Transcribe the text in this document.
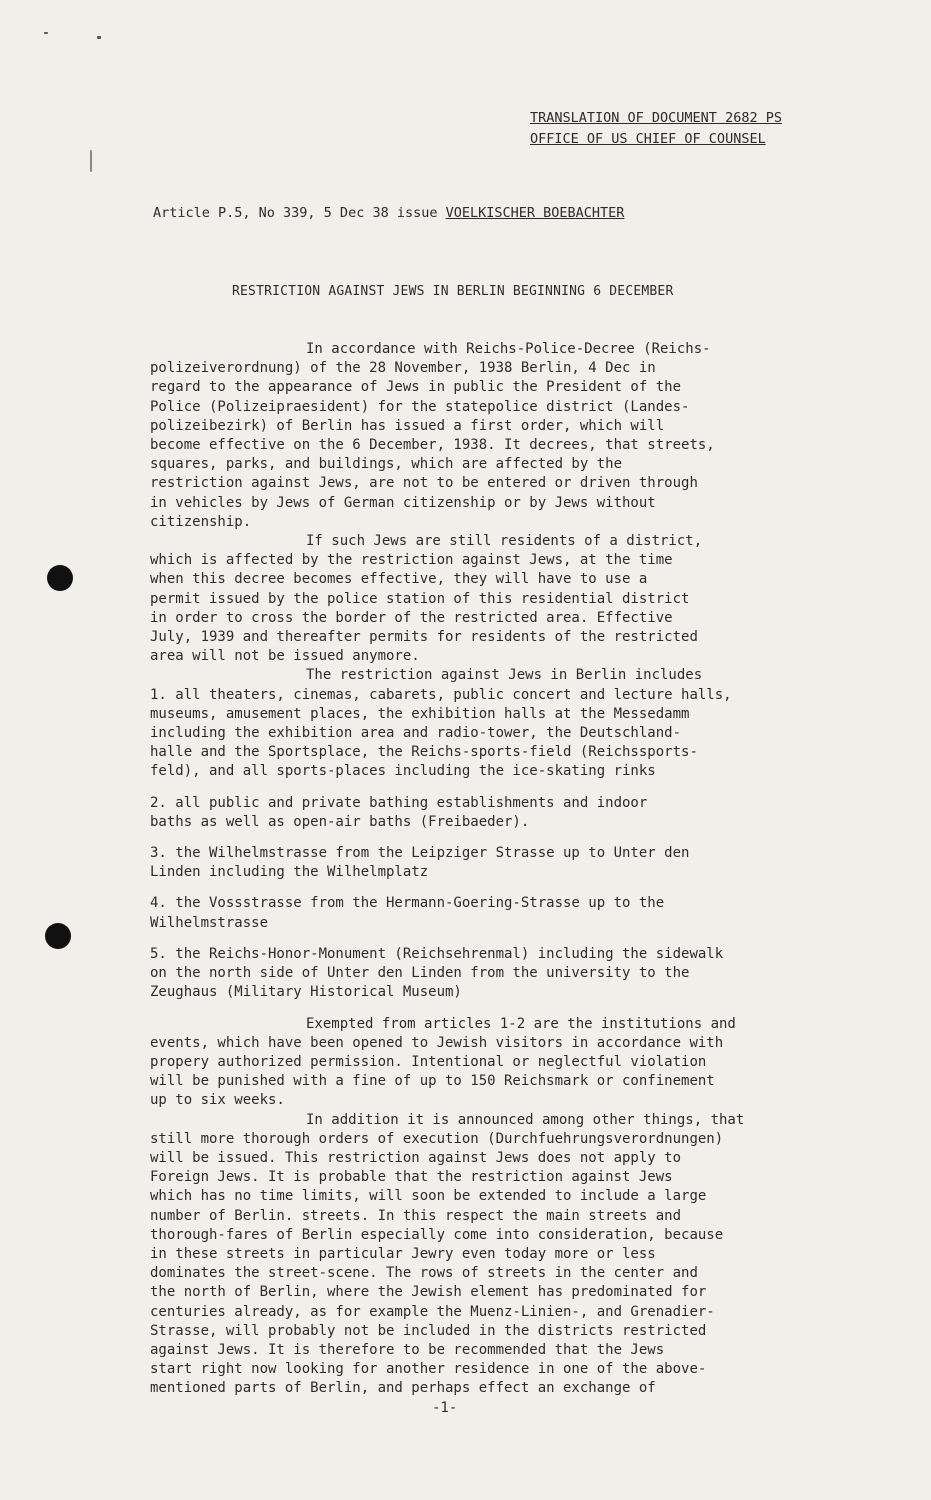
TRANSLATION OF DOCUMENT 2682 PS
OFFICE OF US CHIEF OF COUNSEL
Article P.5, No 339, 5 Dec 38 issue VOELKISCHER BOEBACHTER
RESTRICTION AGAINST JEWS IN BERLIN BEGINNING 6 DECEMBER

In accordance with Reichs-Police-Decree (Reichs-
polizeiverordnung) of the 28 November, 1938 Berlin, 4 Dec in
regard to the appearance of Jews in public the President of the
Police (Polizeipraesident) for the statepolice district (Landes-
polizeibezirk) of Berlin has issued a first order, which will
become effective on the 6 December, 1938. It decrees, that streets,
squares, parks, and buildings, which are affected by the
restriction against Jews, are not to be entered or driven through
in vehicles by Jews of German citizenship or by Jews without
citizenship.

If such Jews are still residents of a district,
which is affected by the restriction against Jews, at the time
when this decree becomes effective, they will have to use a
permit issued by the police station of this residential district
in order to cross the border of the restricted area. Effective
July, 1939 and thereafter permits for residents of the restricted
area will not be issued anymore.

The restriction against Jews in Berlin includes

1. all theaters, cinemas, cabarets, public concert and lecture halls,
museums, amusement places, the exhibition halls at the Messedamm
including the exhibition area and radio-tower, the Deutschland-
halle and the Sportsplace, the Reichs-sports-field (Reichssports-
feld), and all sports-places including the ice-skating rinks
2. all public and private bathing establishments and indoor
baths as well as open-air baths (Freibaeder).
3. the Wilhelmstrasse from the Leipziger Strasse up to Unter den
Linden including the Wilhelmplatz
4. the Vossstrasse from the Hermann-Goering-Strasse up to the
Wilhelmstrasse
5. the Reichs-Honor-Monument (Reichsehrenmal) including the sidewalk
on the north side of Unter den Linden from the university to the
Zeughaus (Military Historical Museum)

Exempted from articles 1-2 are the institutions and
events, which have been opened to Jewish visitors in accordance with
propery authorized permission. Intentional or neglectful violation
will be punished with a fine of up to 150 Reichsmark or confinement
up to six weeks.

In addition it is announced among other things, that
still more thorough orders of execution (Durchfuehrungsverordnungen)
will be issued. This restriction against Jews does not apply to
Foreign Jews. It is probable that the restriction against Jews
which has no time limits, will soon be extended to include a large
number of Berlin. streets. In this respect the main streets and
thorough-fares of Berlin especially come into consideration, because
in these streets in particular Jewry even today more or less
dominates the street-scene. The rows of streets in the center and
the north of Berlin, where the Jewish element has predominated for
centuries already, as for example the Muenz-Linien-, and Grenadier-
Strasse, will probably not be included in the districts restricted
against Jews. It is therefore to be recommended that the Jews
start right now looking for another residence in one of the above-
mentioned parts of Berlin, and perhaps effect an exchange of

-1-
